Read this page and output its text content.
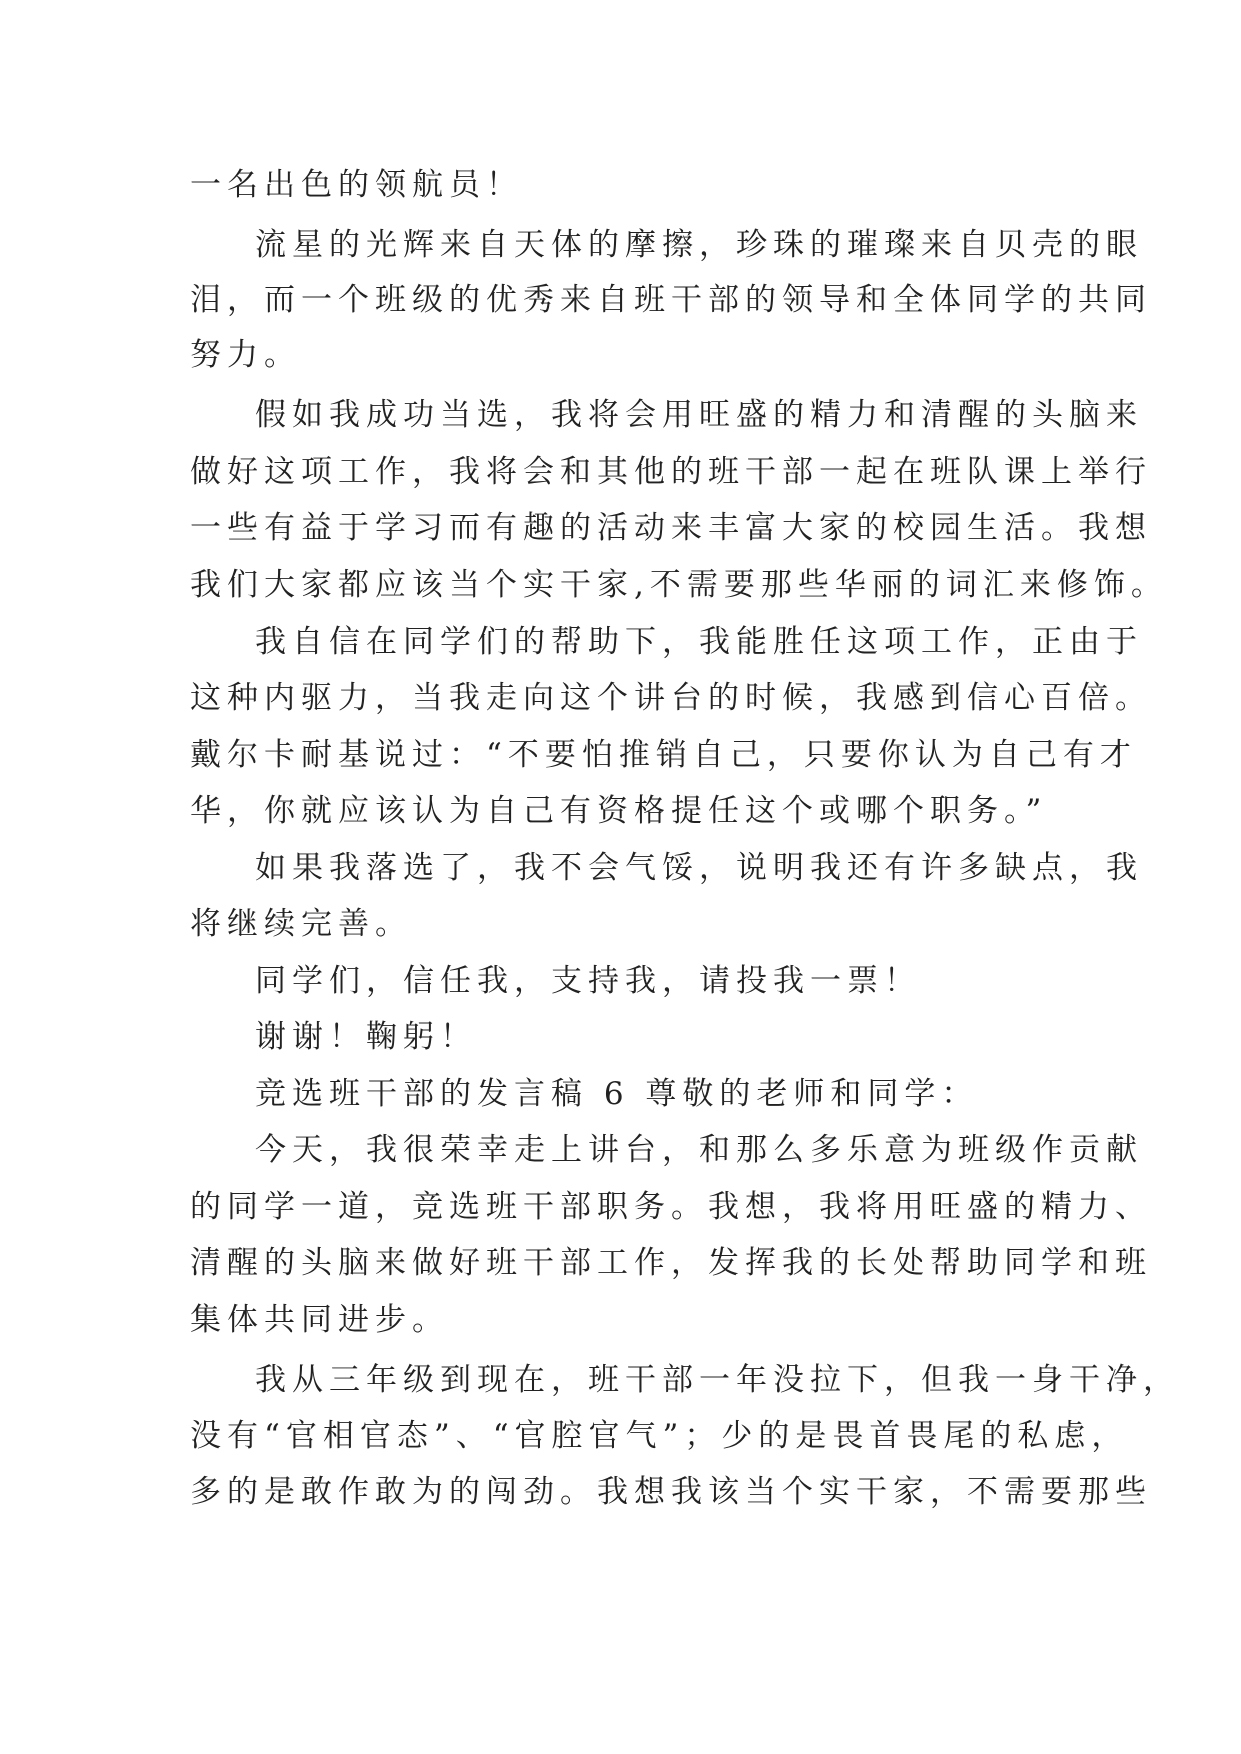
一名出色的领航员！
流星的光辉来自天体的摩擦，珍珠的璀璨来自贝壳的眼
泪，而一个班级的优秀来自班干部的领导和全体同学的共同
努力。
假如我成功当选，我将会用旺盛的精力和清醒的头脑来
做好这项工作，我将会和其他的班干部一起在班队课上举行
一些有益于学习而有趣的活动来丰富大家的校园生活。我想
我们大家都应该当个实干家,不需要那些华丽的词汇来修饰。
我自信在同学们的帮助下，我能胜任这项工作，正由于
这种内驱力，当我走向这个讲台的时候，我感到信心百倍。
戴尔卡耐基说过：“不要怕推销自己，只要你认为自己有才
华，你就应该认为自己有资格提任这个或哪个职务。”
如果我落选了，我不会气馁，说明我还有许多缺点，我
将继续完善。
同学们，信任我，支持我，请投我一票！
谢谢！鞠躬！
竞选班干部的发言稿 6 尊敬的老师和同学：
今天，我很荣幸走上讲台，和那么多乐意为班级作贡献
的同学一道，竞选班干部职务。我想，我将用旺盛的精力、
清醒的头脑来做好班干部工作，发挥我的长处帮助同学和班
集体共同进步。
我从三年级到现在，班干部一年没拉下，但我一身干净，
没有“官相官态”、“官腔官气”；少的是畏首畏尾的私虑，
多的是敢作敢为的闯劲。我想我该当个实干家，不需要那些
